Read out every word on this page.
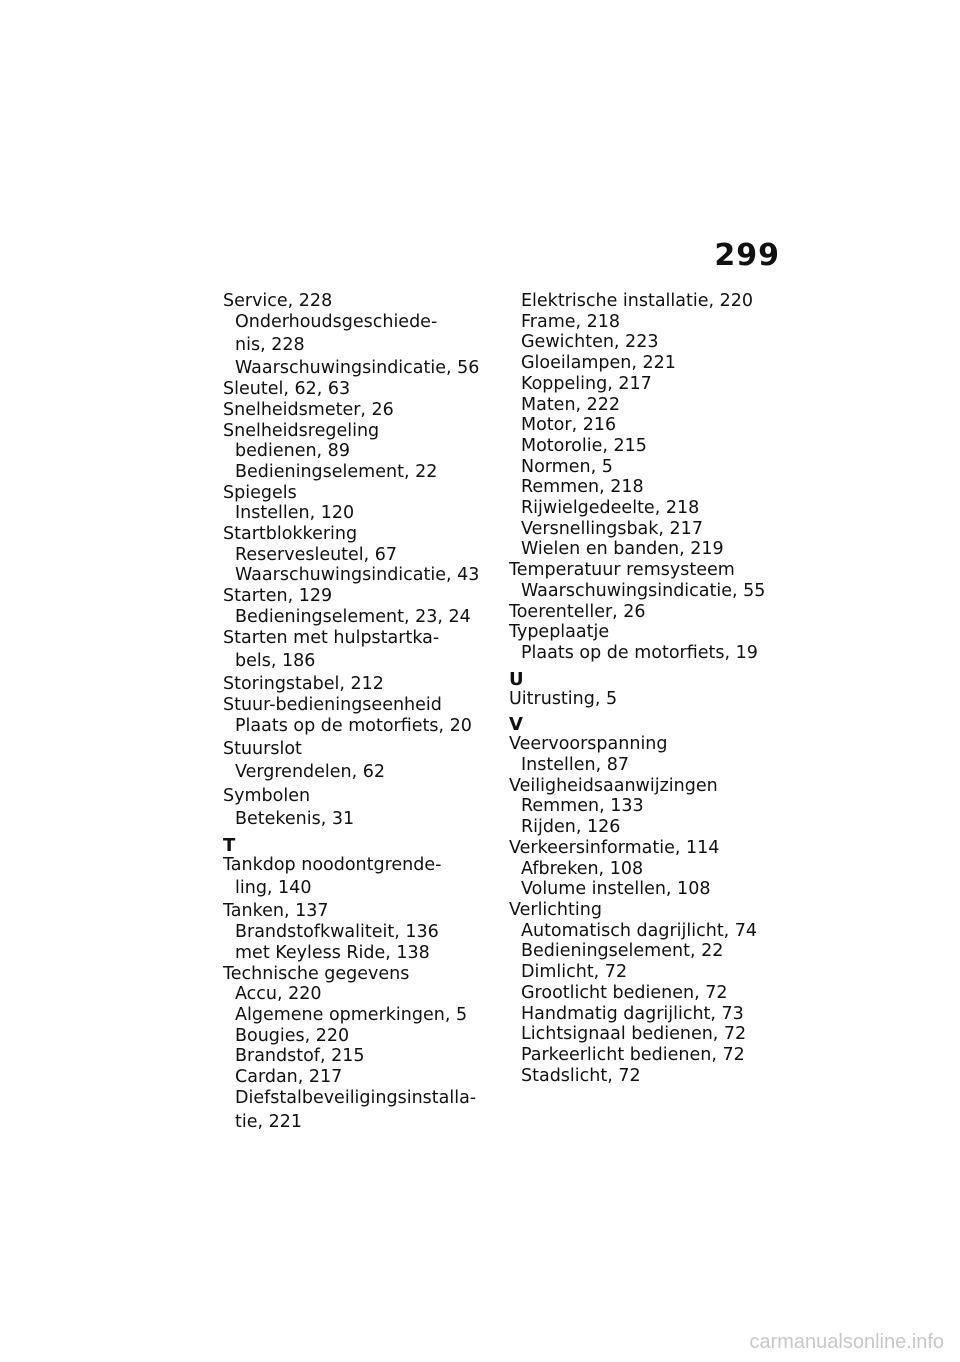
299
Service, 228
Onderhoudsgeschiede-
nis, 228
Waarschuwingsindicatie, 56
Sleutel, 62, 63
Snelheidsmeter, 26
Snelheidsregeling
bedienen, 89
Bedieningselement, 22
Spiegels
Instellen, 120
Startblokkering
Reservesleutel, 67
Waarschuwingsindicatie, 43
Starten, 129
Bedieningselement, 23, 24
Starten met hulpstartka-
bels, 186
Storingstabel, 212
Stuur-bedieningseenheid
Plaats op de motorfiets, 20
Stuurslot
Vergrendelen, 62
Symbolen
Betekenis, 31
T
Tankdop noodontgrende-
ling, 140
Tanken, 137
Brandstofkwaliteit, 136
met Keyless Ride, 138
Technische gegevens
Accu, 220
Algemene opmerkingen, 5
Bougies, 220
Brandstof, 215
Cardan, 217
Diefstalbeveiligingsinstalla-
tie, 221
Elektrische installatie, 220
Frame, 218
Gewichten, 223
Gloeilampen, 221
Koppeling, 217
Maten, 222
Motor, 216
Motorolie, 215
Normen, 5
Remmen, 218
Rijwielgedeelte, 218
Versnellingsbak, 217
Wielen en banden, 219
Temperatuur remsysteem
Waarschuwingsindicatie, 55
Toerenteller, 26
Typeplaatje
Plaats op de motorfiets, 19
U
Uitrusting, 5
V
Veervoorspanning
Instellen, 87
Veiligheidsaanwijzingen
Remmen, 133
Rijden, 126
Verkeersinformatie, 114
Afbreken, 108
Volume instellen, 108
Verlichting
Automatisch dagrijlicht, 74
Bedieningselement, 22
Dimlicht, 72
Grootlicht bedienen, 72
Handmatig dagrijlicht, 73
Lichtsignaal bedienen, 72
Parkeerlicht bedienen, 72
Stadslicht, 72
carmanualsonline.info
